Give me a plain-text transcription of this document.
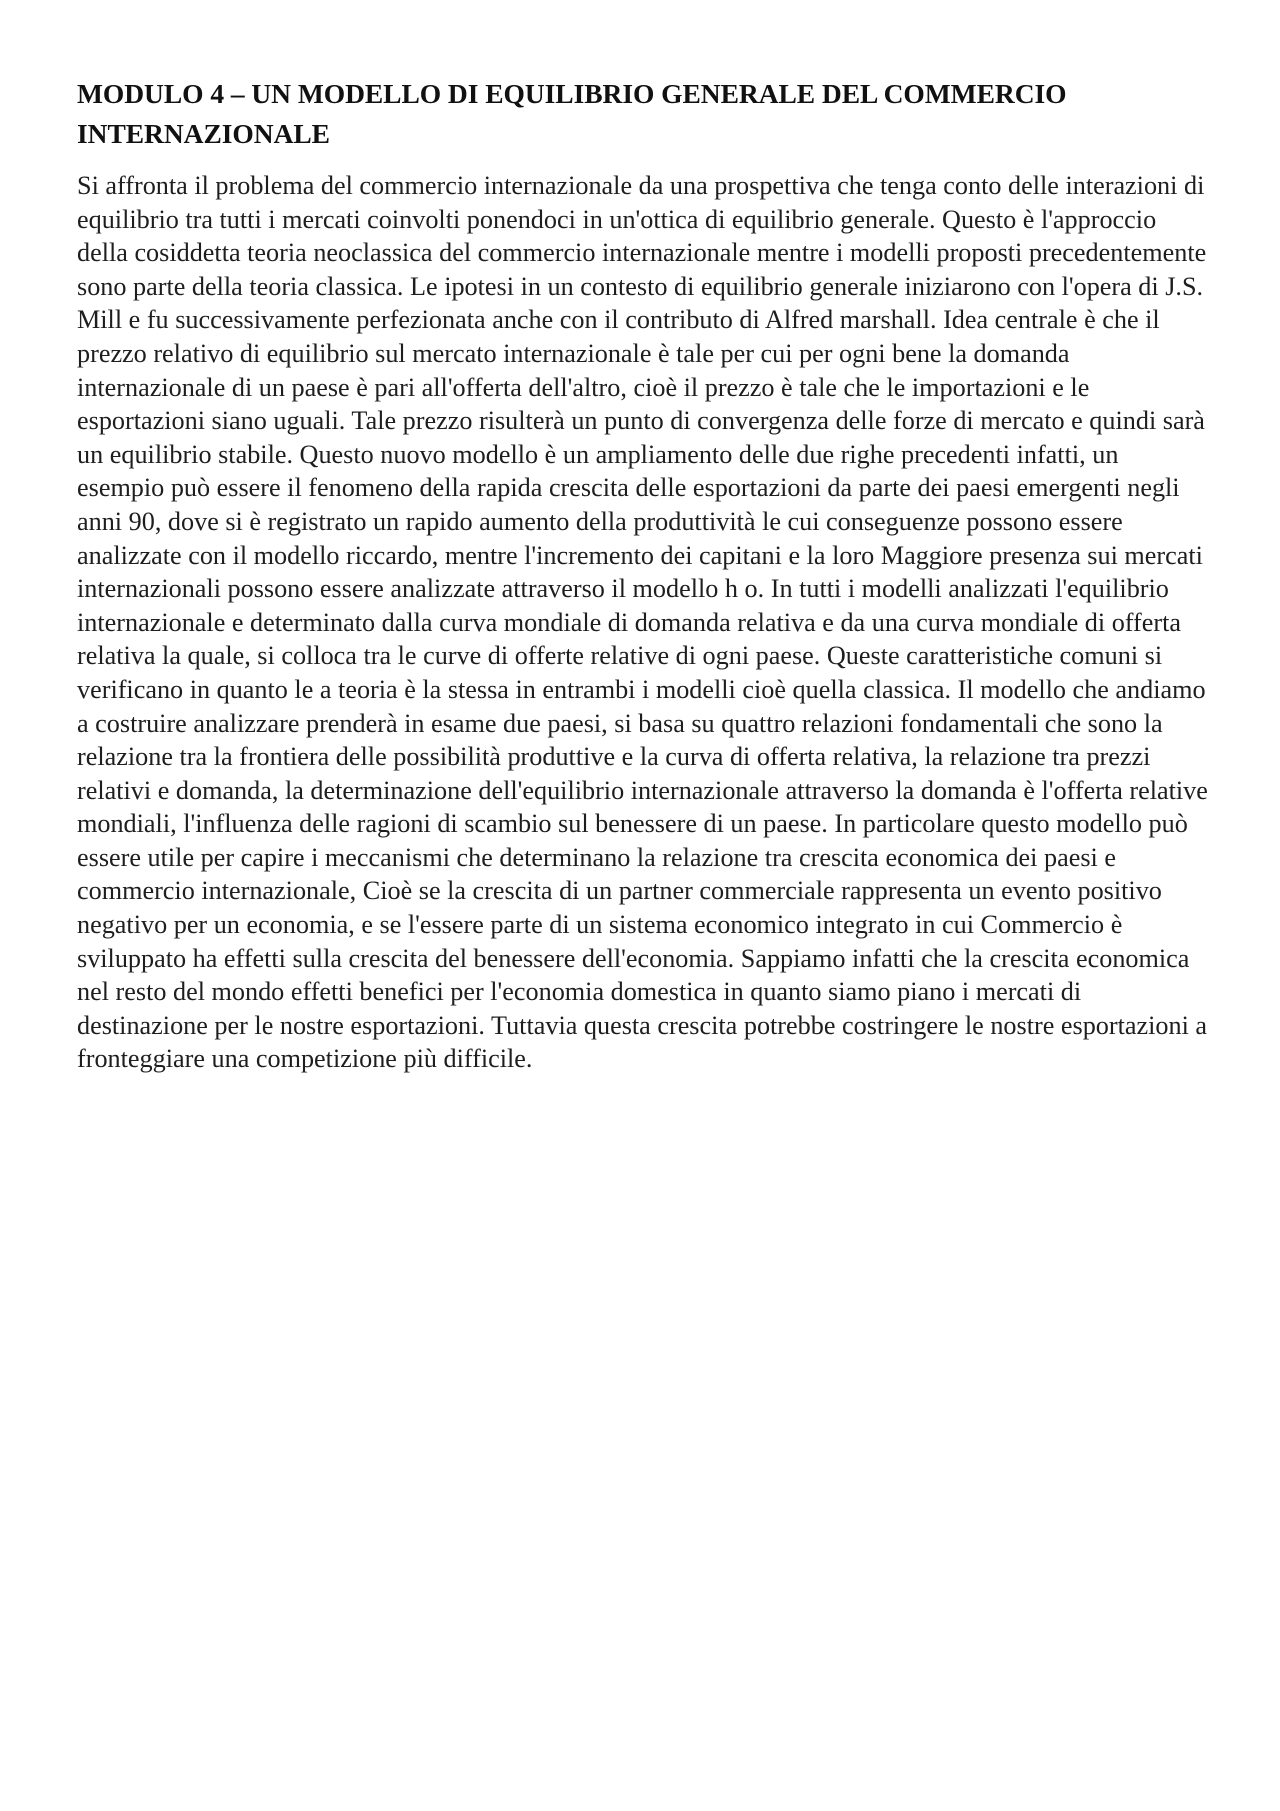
MODULO 4 – UN MODELLO DI EQUILIBRIO GENERALE DEL COMMERCIO INTERNAZIONALE

Si affronta il problema del commercio internazionale da una prospettiva che tenga conto delle interazioni di equilibrio tra tutti i mercati coinvolti ponendoci in un'ottica di equilibrio generale. Questo è l'approccio della cosiddetta teoria neoclassica del commercio internazionale mentre i modelli proposti precedentemente sono parte della teoria classica. Le ipotesi in un contesto di equilibrio generale iniziarono con l'opera di J.S. Mill e fu successivamente perfezionata anche con il contributo di Alfred marshall. Idea centrale è che il prezzo relativo di equilibrio sul mercato internazionale è tale per cui per ogni bene la domanda internazionale di un paese è pari all'offerta dell'altro, cioè il prezzo è tale che le importazioni e le esportazioni siano uguali. Tale prezzo risulterà un punto di convergenza delle forze di mercato e quindi sarà un equilibrio stabile. Questo nuovo modello è un ampliamento delle due righe precedenti infatti, un esempio può essere il fenomeno della rapida crescita delle esportazioni da parte dei paesi emergenti negli anni 90, dove si è registrato un rapido aumento della produttività le cui conseguenze possono essere analizzate con il modello riccardo, mentre l'incremento dei capitani e la loro Maggiore presenza sui mercati internazionali possono essere analizzate attraverso il modello h o. In tutti i modelli analizzati l'equilibrio internazionale e determinato dalla curva mondiale di domanda relativa e da una curva mondiale di offerta relativa la quale, si colloca tra le curve di offerte relative di ogni paese. Queste caratteristiche comuni si verificano in quanto le a teoria è la stessa in entrambi i modelli cioè quella classica. Il modello che andiamo a costruire analizzare prenderà in esame due paesi, si basa su quattro relazioni fondamentali che sono la relazione tra la frontiera delle possibilità produttive e la curva di offerta relativa, la relazione tra prezzi relativi e domanda, la determinazione dell'equilibrio internazionale attraverso la domanda è l'offerta relative mondiali, l'influenza delle ragioni di scambio sul benessere di un paese. In particolare questo modello può essere utile per capire i meccanismi che determinano la relazione tra crescita economica dei paesi e commercio internazionale, Cioè se la crescita di un partner commerciale rappresenta un evento positivo negativo per un economia, e se l'essere parte di un sistema economico integrato in cui Commercio è sviluppato ha effetti sulla crescita del benessere dell'economia. Sappiamo infatti che la crescita economica nel resto del mondo effetti benefici per l'economia domestica in quanto siamo piano i mercati di destinazione per le nostre esportazioni. Tuttavia questa crescita potrebbe costringere le nostre esportazioni a fronteggiare una competizione più difficile.
